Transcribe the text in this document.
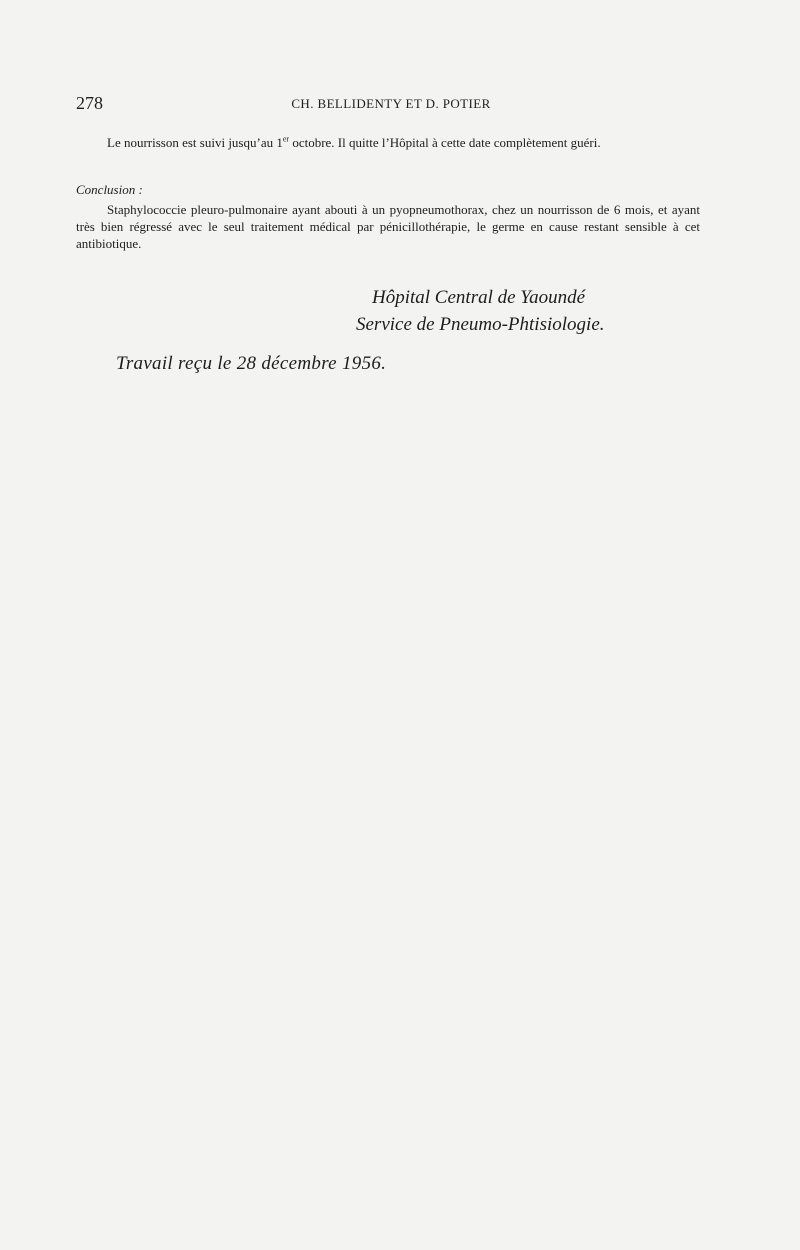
278	CH. BELLIDENTY ET D. POTIER

Le nourrisson est suivi jusqu’au 1er octobre. Il quitte l’Hôpital à cette date complètement guéri.

Conclusion :

Staphylococcie pleuro-pulmonaire ayant abouti à un pyopneumothorax, chez un nourrisson de 6 mois, et ayant très bien régressé avec le seul traitement médical par pénicillothérapie, le germe en cause restant sensible à cet antibiotique.

Hôpital Central de Yaoundé

Service de Pneumo-Phtisiologie.

Travail reçu le 28 décembre 1956.
